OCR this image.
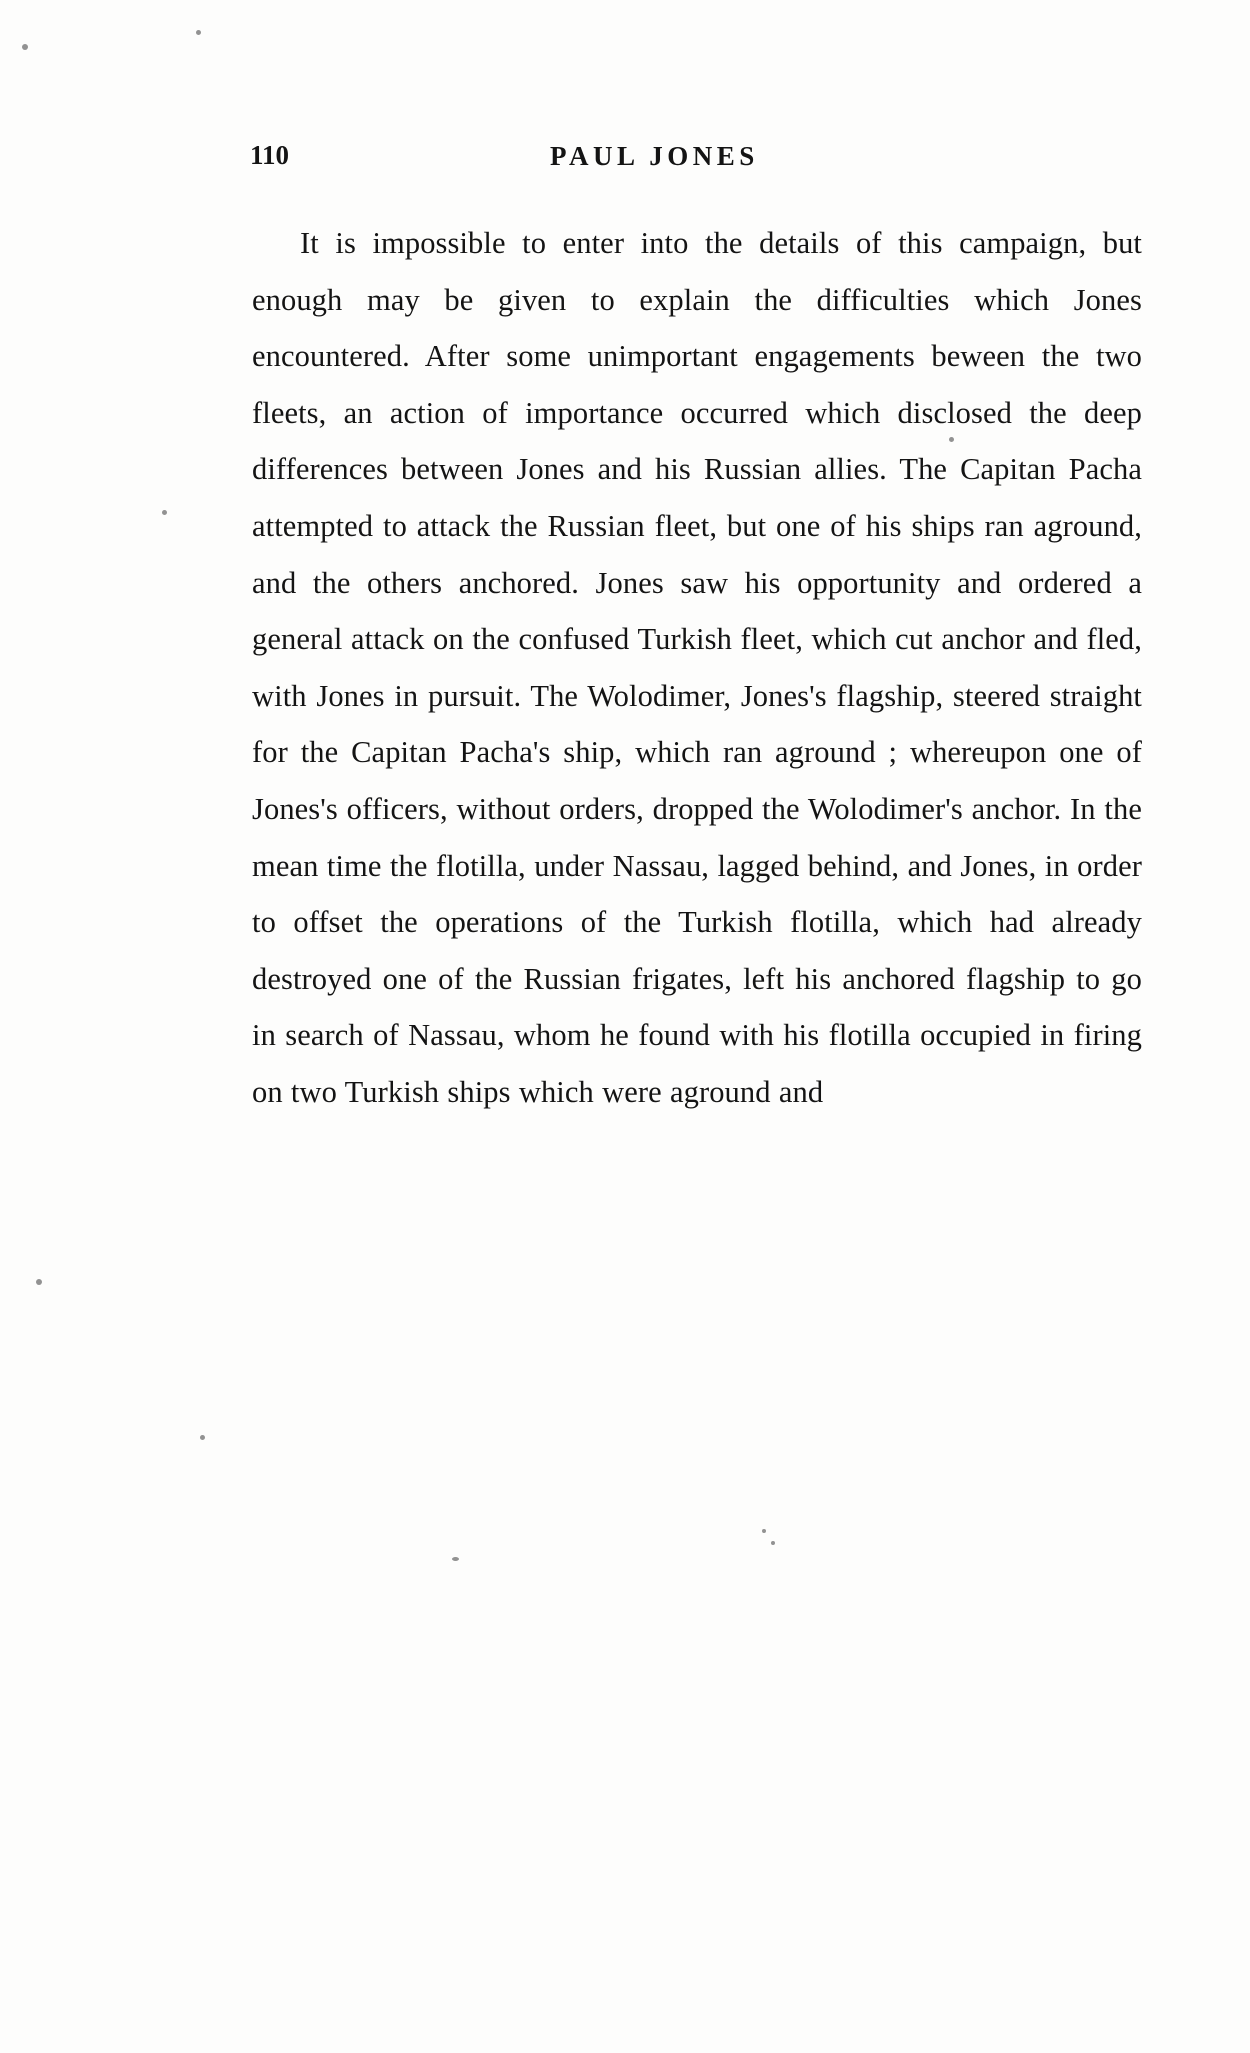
110	PAUL JONES
It is impossible to enter into the details of this campaign, but enough may be given to explain the difficulties which Jones encountered. After some unimportant engagements beween the two fleets, an action of importance occurred which disclosed the deep differences between Jones and his Russian allies. The Capitan Pacha attempted to attack the Russian fleet, but one of his ships ran aground, and the others anchored. Jones saw his opportunity and ordered a general attack on the confused Turkish fleet, which cut anchor and fled, with Jones in pursuit. The Wolodimer, Jones's flagship, steered straight for the Capitan Pacha's ship, which ran aground ; whereupon one of Jones's officers, without orders, dropped the Wolodimer's anchor. In the mean time the flotilla, under Nassau, lagged behind, and Jones, in order to offset the operations of the Turkish flotilla, which had already destroyed one of the Russian frigates, left his anchored flagship to go in search of Nassau, whom he found with his flotilla occupied in firing on two Turkish ships which were aground and
